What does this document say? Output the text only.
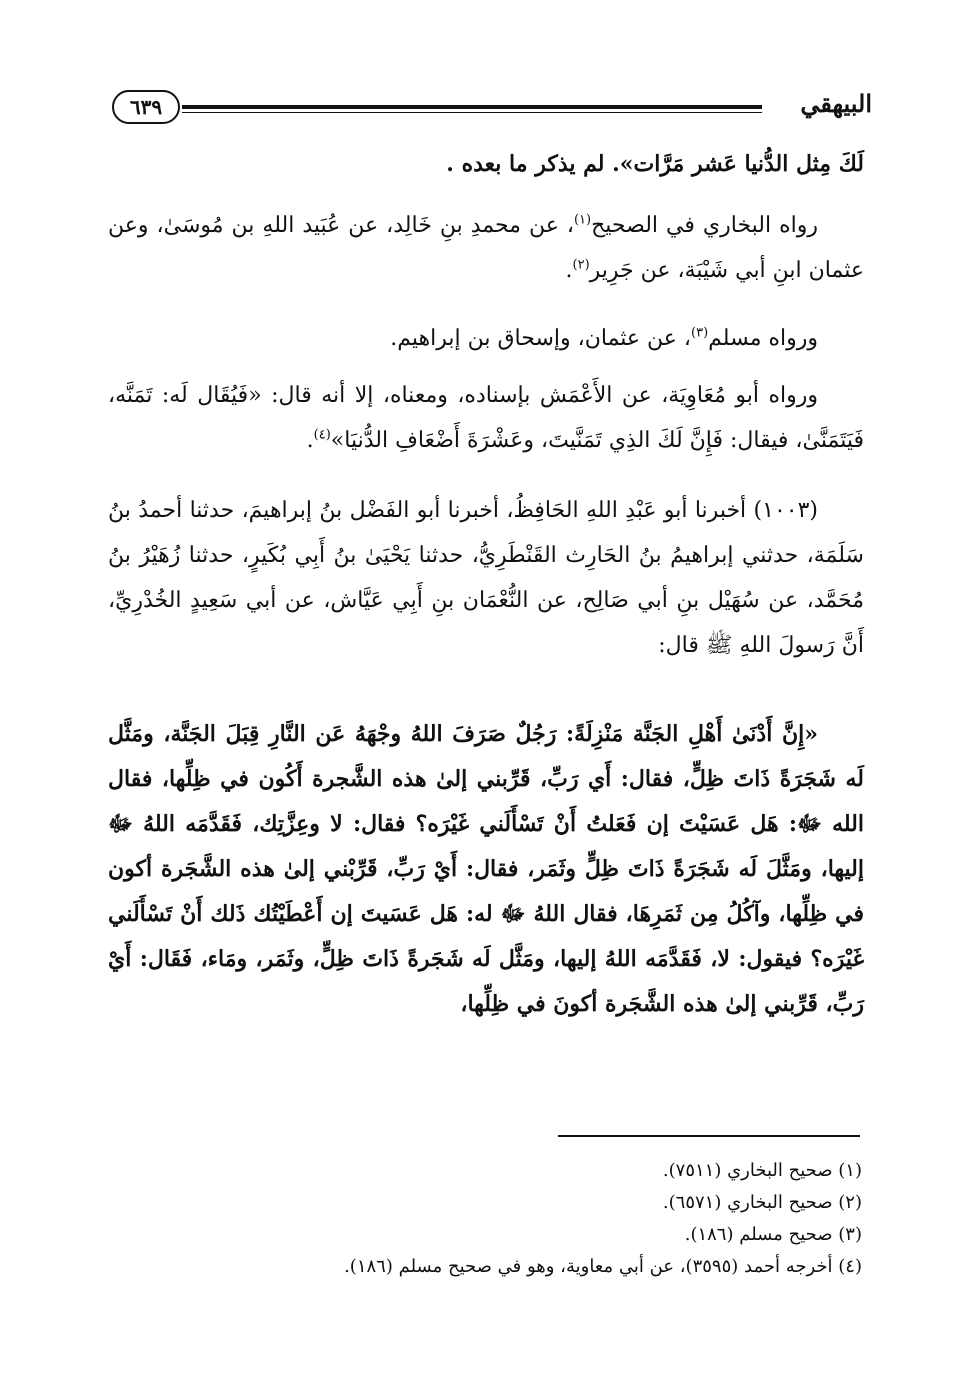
٦٣٩	البيهقي

لَكَ مِثل الدُّنيا عَشر مَرَّات». لم يذكر ما بعده .

رواه البخاري في الصحيح$^{(١)}$، عن محمدِ بنِ خَالِد، عن عُبَيد اللهِ بن مُوسَىٰ، وعن عثمان ابنِ أبي شَيْبَة، عن جَرِير$^{(٢)}$.

ورواه مسلم$^{(٣)}$، عن عثمان، وإسحاق بن إبراهيم.

ورواه أبو مُعَاوِيَة، عن الأَعْمَش بإسناده، ومعناه، إلا أنه قال: «فَيُقَال لَه: تَمَنَّه، فَيَتَمَنَّىٰ، فيقال: فَإِنَّ لَكَ الذِي تَمَنَّيتَ، وعَشْرَةَ أَضْعَافِ الدُّنيَا»$^{(٤)}$.

(١٠٠٣) أخبرنا أبو عَبْدِ اللهِ الحَافِظُ، أخبرنا أبو الفَضْل بنُ إبراهيمَ، حدثنا أحمدُ بنُ سَلَمَة، حدثني إبراهيمُ بنُ الحَارِث القَنْطَرِيُّ، حدثنا يَحْيَىٰ بنُ أَبِي بُكَيرٍ، حدثنا زُهَيْرُ بنُ مُحَمَّد، عن سُهَيْل بنِ أبي صَالِح، عن النُّعْمَان بنِ أَبِي عَيَّاش، عن أبي سَعِيدٍ الخُدْرِيِّ، أَنَّ رَسولَ اللهِ ﷺ قال:

«إِنَّ أَدْنَىٰ أَهْلِ الجَنَّة مَنْزِلَةً: رَجُلٌ صَرَفَ اللهُ وجْهَهُ عَن النَّارِ قِبَلَ الجَنَّة، ومَثَّل لَه شَجَرَةً ذَاتَ ظِلٍّ، فقال: أَي رَبِّ، قَرِّبني إلىٰ هذه الشَّجرة أَكُون في ظِلِّها، فقال الله ﷻ: هَل عَسَيْتَ إن فَعَلتُ أَنْ تَسْأَلَني غَيْرَه؟ فقال: لا وعِزَّتِك، فَقَدَّمَه اللهُ ﷻ إليها، ومَثَّلَ لَه شَجَرَةً ذَاتَ ظِلٍّ وثَمَر، فقال: أَيْ رَبِّ، قَرِّبْني إلىٰ هذه الشَّجَرة أكون في ظِلِّها، وآكُلُ مِن ثَمَرِهَا، فقال اللهُ ﷻ له: هَل عَسَيتَ إن أَعْطَيْتُك ذَلك أَنْ تَسْأَلَني غَيْرَه؟ فيقول: لا، فَقَدَّمَه اللهُ إليها، ومَثَّل لَه شَجَرةً ذَاتَ ظِلٍّ، وثَمَر، ومَاء، فَقَال: أَيْ رَبِّ، قَرِّبني إلىٰ هذه الشَّجَرة أكونَ في ظِلِّها،

(١) صحيح البخاري (٧٥١١).

(٢) صحيح البخاري (٦٥٧١).

(٣) صحيح مسلم (١٨٦).

(٤) أخرجه أحمد (٣٥٩٥)، عن أبي معاوية، وهو في صحيح مسلم (١٨٦).
